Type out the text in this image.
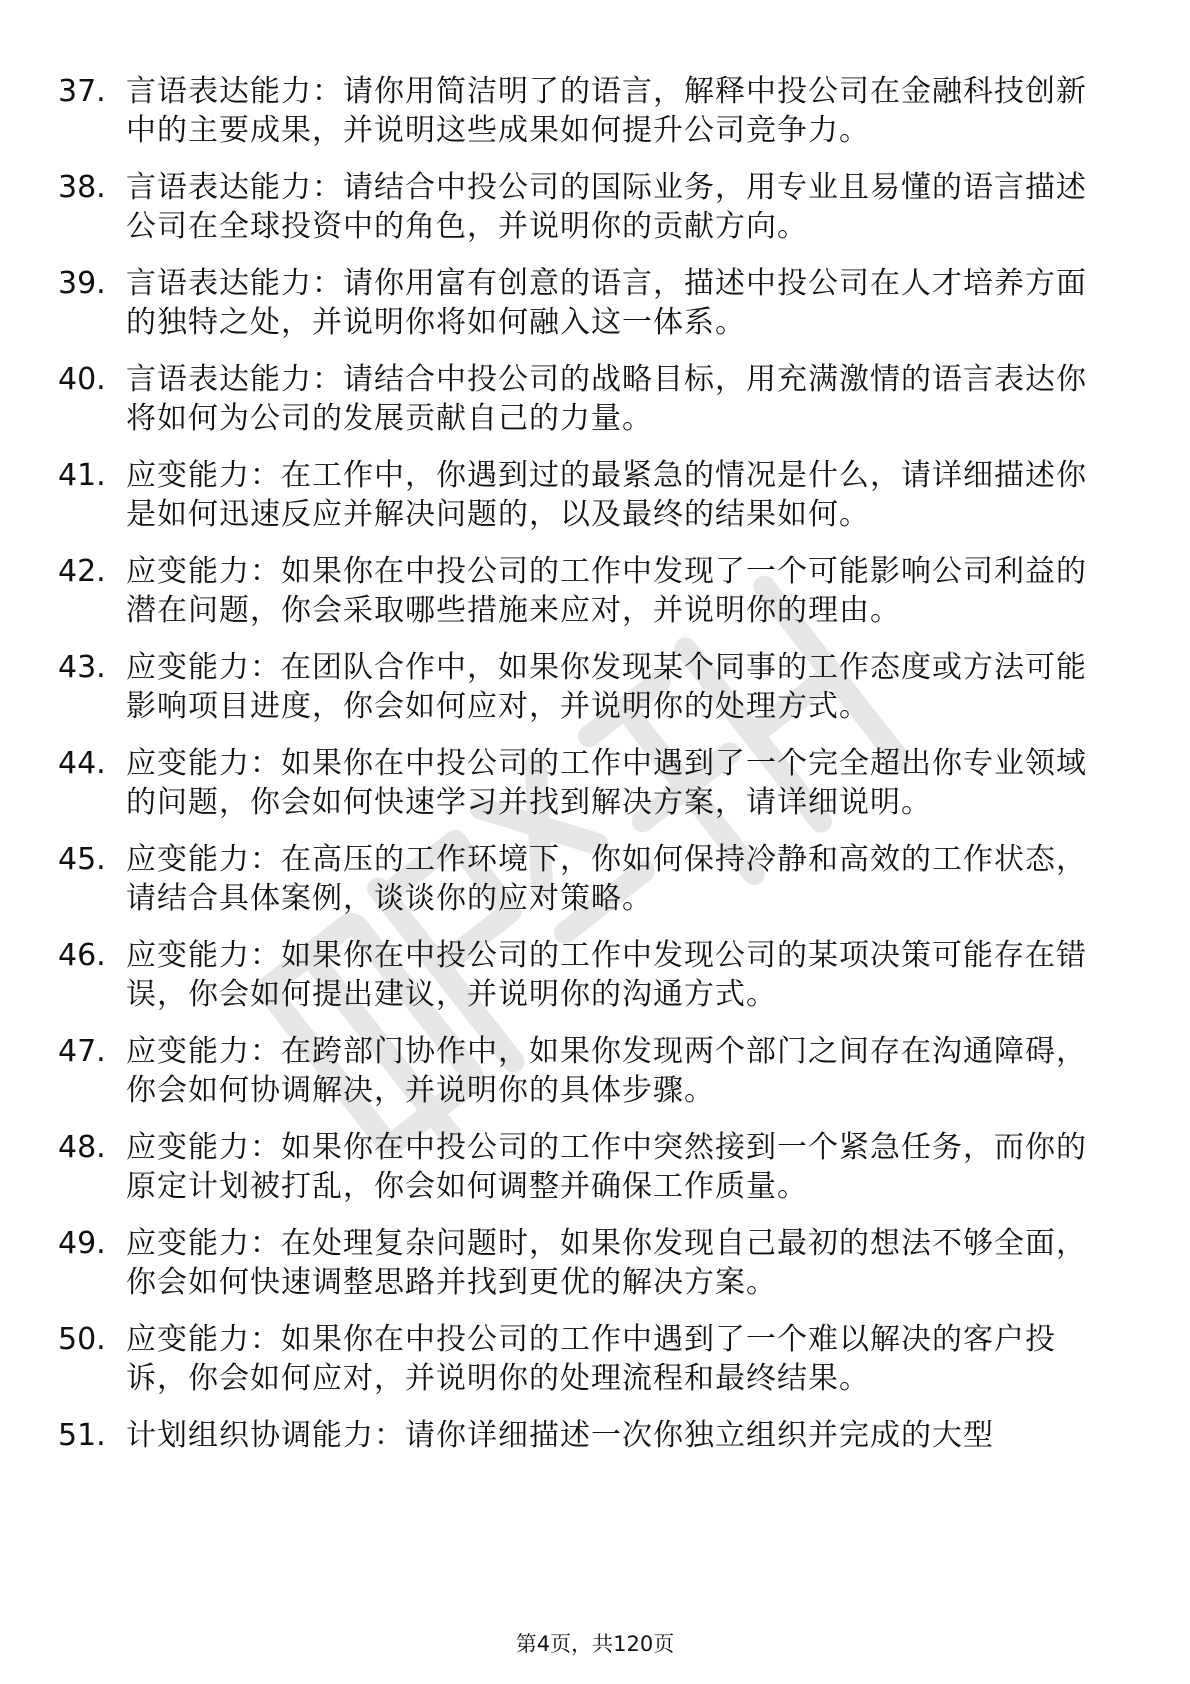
37. 言语表达能力：请你用简洁明了的语言，解释中投公司在金融科技创新中的主要成果，并说明这些成果如何提升公司竞争力。
38. 言语表达能力：请结合中投公司的国际业务，用专业且易懂的语言描述公司在全球投资中的角色，并说明你的贡献方向。
39. 言语表达能力：请你用富有创意的语言，描述中投公司在人才培养方面的独特之处，并说明你将如何融入这一体系。
40. 言语表达能力：请结合中投公司的战略目标，用充满激情的语言表达你将如何为公司的发展贡献自己的力量。
41. 应变能力：在工作中，你遇到过的最紧急的情况是什么，请详细描述你是如何迅速反应并解决问题的，以及最终的结果如何。
42. 应变能力：如果你在中投公司的工作中发现了一个可能影响公司利益的潜在问题，你会采取哪些措施来应对，并说明你的理由。
43. 应变能力：在团队合作中，如果你发现某个同事的工作态度或方法可能影响项目进度，你会如何应对，并说明你的处理方式。
44. 应变能力：如果你在中投公司的工作中遇到了一个完全超出你专业领域的问题，你会如何快速学习并找到解决方案，请详细说明。
45. 应变能力：在高压的工作环境下，你如何保持冷静和高效的工作状态，请结合具体案例，谈谈你的应对策略。
46. 应变能力：如果你在中投公司的工作中发现公司的某项决策可能存在错误，你会如何提出建议，并说明你的沟通方式。
47. 应变能力：在跨部门协作中，如果你发现两个部门之间存在沟通障碍，你会如何协调解决，并说明你的具体步骤。
48. 应变能力：如果你在中投公司的工作中突然接到一个紧急任务，而你的原定计划被打乱，你会如何调整并确保工作质量。
49. 应变能力：在处理复杂问题时，如果你发现自己最初的想法不够全面，你会如何快速调整思路并找到更优的解决方案。
50. 应变能力：如果你在中投公司的工作中遇到了一个难以解决的客户投诉，你会如何应对，并说明你的处理流程和最终结果。
51. 计划组织协调能力：请你详细描述一次你独立组织并完成的大型
第4页，共120页
